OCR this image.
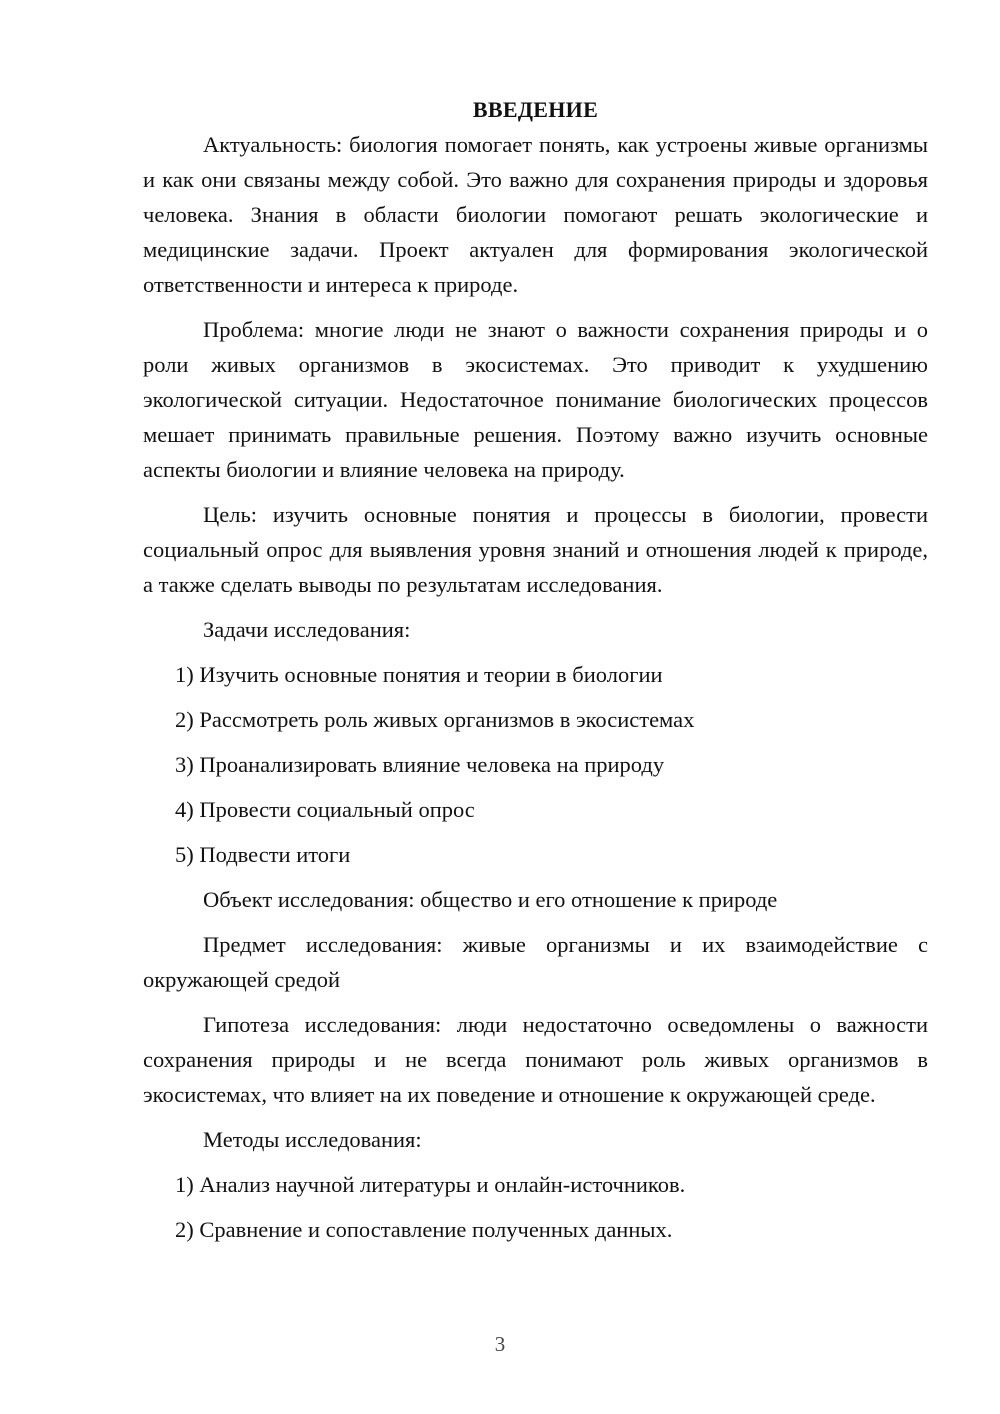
ВВЕДЕНИЕ

Актуальность: биология помогает понять, как устроены живые организмы и как они связаны между собой. Это важно для сохранения природы и здоровья человека. Знания в области биологии помогают решать экологические и медицинские задачи. Проект актуален для формирования экологической ответственности и интереса к природе.

Проблема: многие люди не знают о важности сохранения природы и о роли живых организмов в экосистемах. Это приводит к ухудшению экологической ситуации. Недостаточное понимание биологических процессов мешает принимать правильные решения. Поэтому важно изучить основные аспекты биологии и влияние человека на природу.

Цель: изучить основные понятия и процессы в биологии, провести социальный опрос для выявления уровня знаний и отношения людей к природе, а также сделать выводы по результатам исследования.

Задачи исследования:

1) Изучить основные понятия и теории в биологии

2) Рассмотреть роль живых организмов в экосистемах

3) Проанализировать влияние человека на природу

4) Провести социальный опрос

5) Подвести итоги

Объект исследования: общество и его отношение к природе

Предмет исследования: живые организмы и их взаимодействие с окружающей средой

Гипотеза исследования: люди недостаточно осведомлены о важности сохранения природы и не всегда понимают роль живых организмов в экосистемах, что влияет на их поведение и отношение к окружающей среде.

Методы исследования:

1) Анализ научной литературы и онлайн-источников.

2) Сравнение и сопоставление полученных данных.

3
